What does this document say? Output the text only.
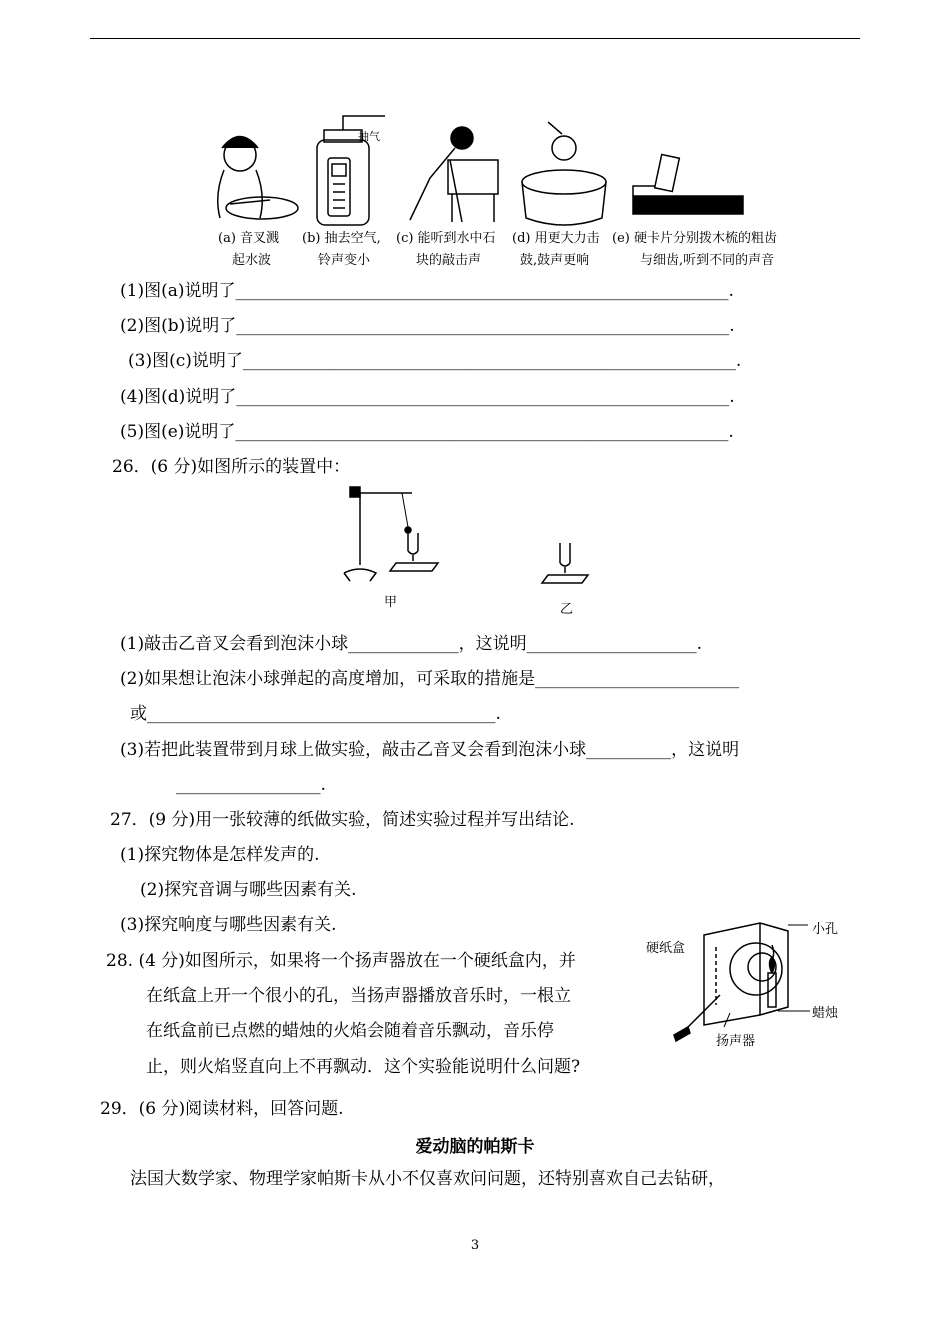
(a) 音叉溅
起水波
(b) 抽去空气,
铃声变小
(c) 能听到水中石
块的敲击声
(d) 用更大力击
鼓,鼓声更响
(e) 硬卡片分别拨木梳的粗齿
与细齿,听到不同的声音
抽气
(1)图(a)说明了__________________________________________________________.
(2)图(b)说明了__________________________________________________________.
(3)图(c)说明了__________________________________________________________.
(4)图(d)说明了__________________________________________________________.
(5)图(e)说明了__________________________________________________________.
26．(6 分)如图所示的装置中：
甲	乙
(1)敲击乙音叉会看到泡沫小球_____________，这说明____________________.
(2)如果想让泡沫小球弹起的高度增加，可采取的措施是________________________
或_________________________________________.
(3)若把此装置带到月球上做实验，敲击乙音叉会看到泡沫小球__________，这说明
_________________.
27．(9 分)用一张较薄的纸做实验，简述实验过程并写出结论.
(1)探究物体是怎样发声的.
(2)探究音调与哪些因素有关.
(3)探究响度与哪些因素有关.
28. (4 分)如图所示，如果将一个扬声器放在一个硬纸盒内，并
在纸盒上开一个很小的孔，当扬声器播放音乐时，一根立
在纸盒前已点燃的蜡烛的火焰会随着音乐飘动，音乐停
止，则火焰竖直向上不再飘动．这个实验能说明什么问题?
硬纸盒
小孔
蜡烛
扬声器
29．(6 分)阅读材料，回答问题.
爱动脑的帕斯卡
法国大数学家、物理学家帕斯卡从小不仅喜欢问问题，还特别喜欢自己去钻研，
3
